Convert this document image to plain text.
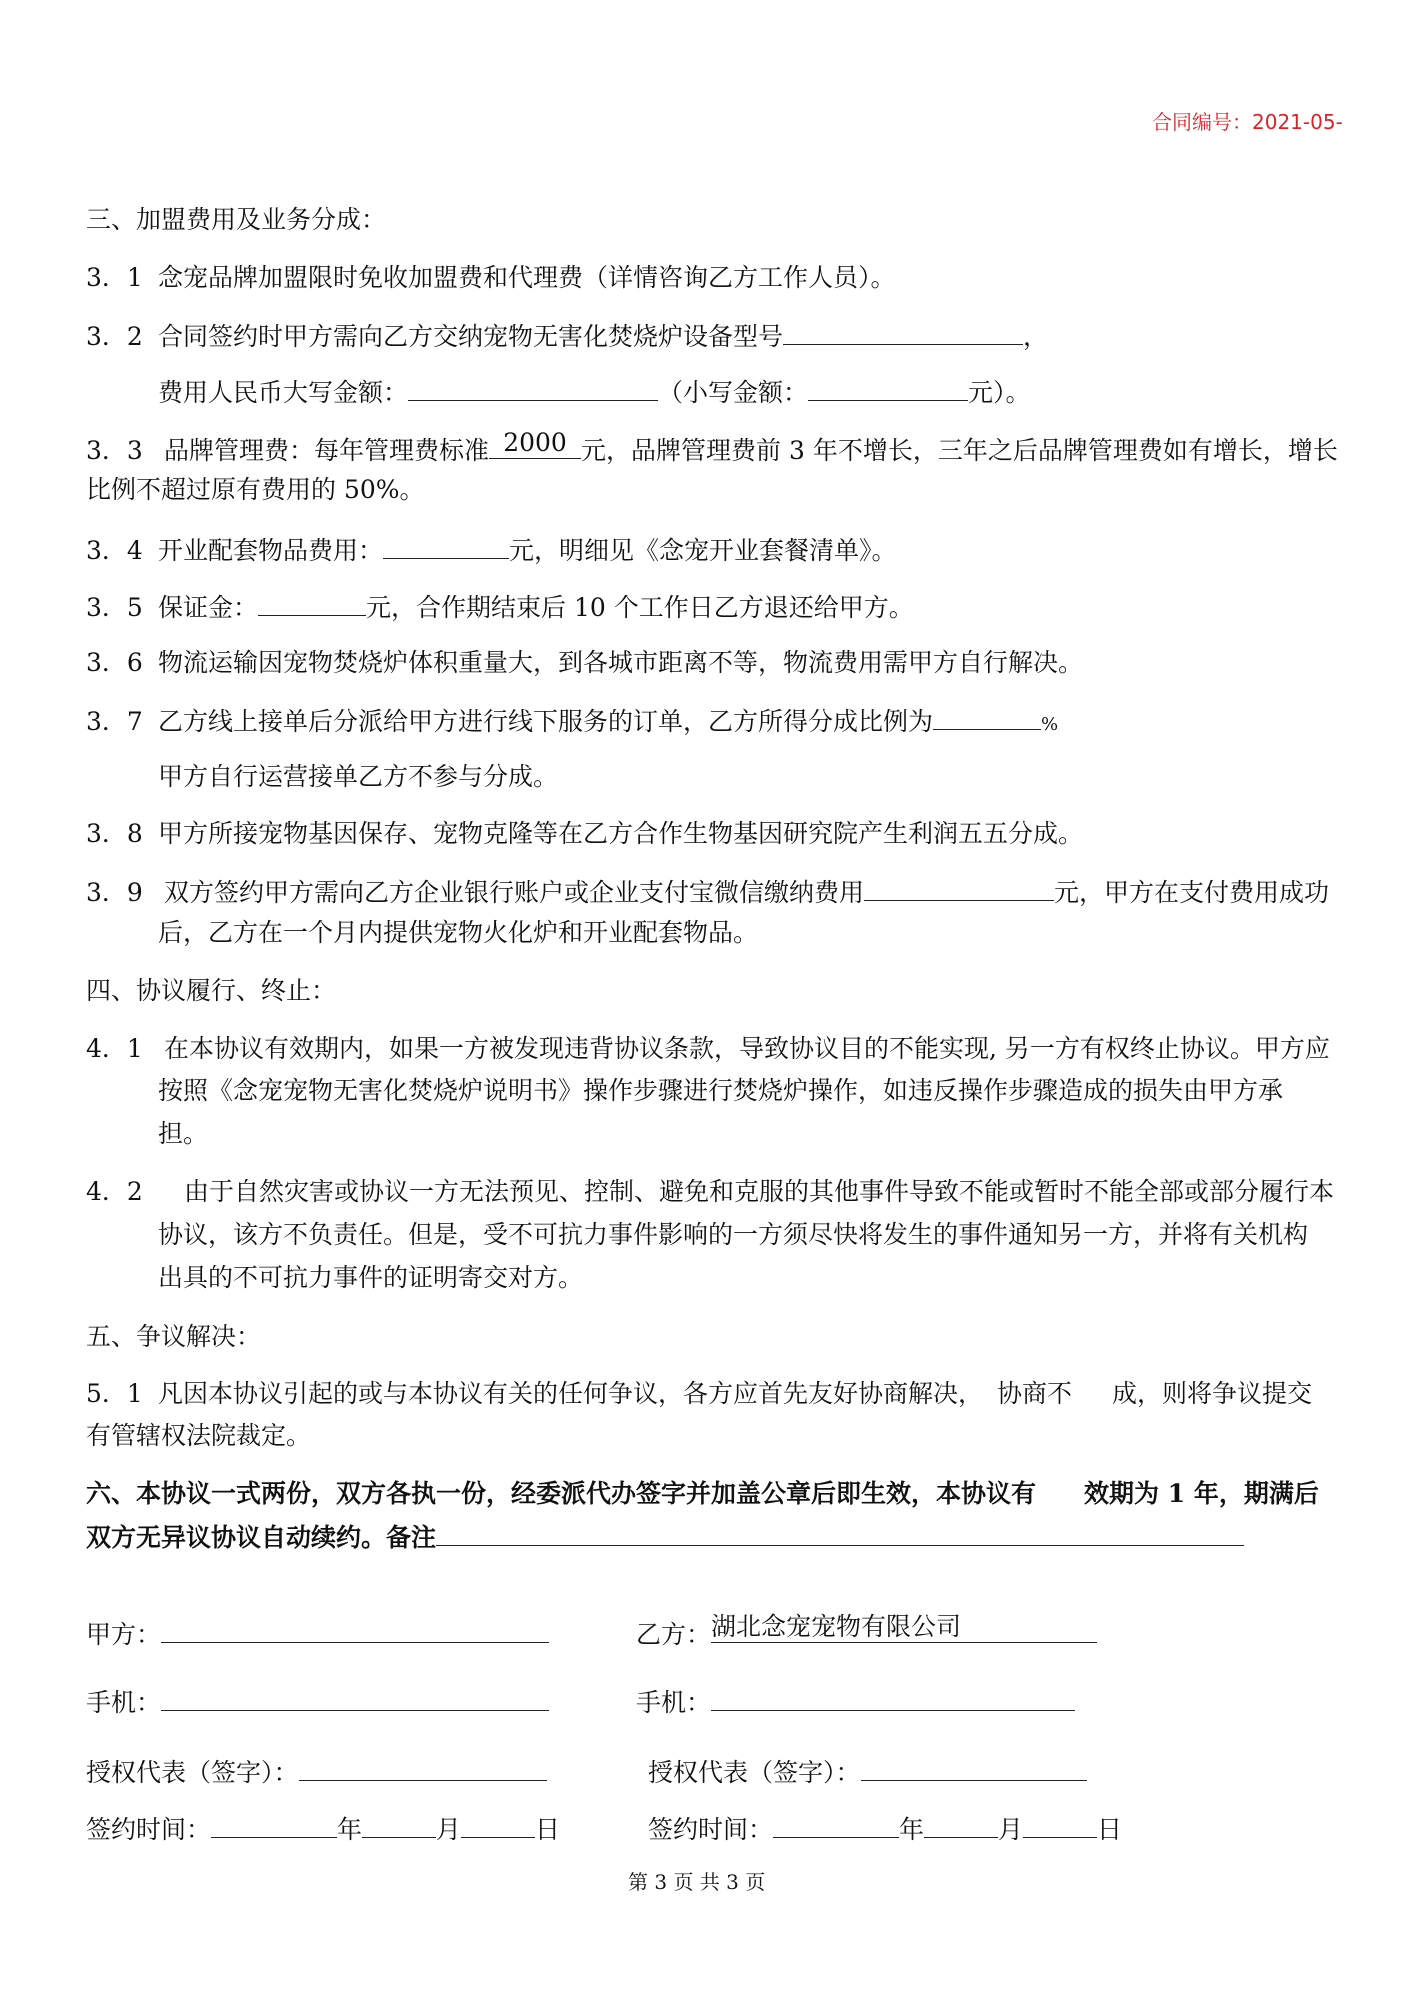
合同编号：2021-05-
三、加盟费用及业务分成：
3．1 念宠品牌加盟限时免收加盟费和代理费（详情咨询乙方工作人员）。
3．2 合同签约时甲方需向乙方交纳宠物无害化焚烧炉设备型号	，
费用人民币大写金额：	（小写金额：	元）。
3．3 品牌管理费：每年管理费标准 2000 元，品牌管理费前 3 年不增长，三年之后品牌管理费如有增长，增长
比例不超过原有费用的 50%。
3．4 开业配套物品费用：	元，明细见《念宠开业套餐清单》。
3．5 保证金：	元，合作期结束后 10 个工作日乙方退还给甲方。
3．6 物流运输因宠物焚烧炉体积重量大，到各城市距离不等，物流费用需甲方自行解决。
3．7 乙方线上接单后分派给甲方进行线下服务的订单，乙方所得分成比例为	%
甲方自行运营接单乙方不参与分成。
3．8 甲方所接宠物基因保存、宠物克隆等在乙方合作生物基因研究院产生利润五五分成。
3．9 双方签约甲方需向乙方企业银行账户或企业支付宝微信缴纳费用	元，甲方在支付费用成功
后，乙方在一个月内提供宠物火化炉和开业配套物品。
四、协议履行、终止：
4．1 在本协议有效期内，如果一方被发现违背协议条款，导致协议目的不能实现, 另一方有权终止协议。甲方应
按照《念宠宠物无害化焚烧炉说明书》操作步骤进行焚烧炉操作，如违反操作步骤造成的损失由甲方承
担。
4．2 由于自然灾害或协议一方无法预见、控制、避免和克服的其他事件导致不能或暂时不能全部或部分履行本
协议，该方不负责任。但是，受不可抗力事件影响的一方须尽快将发生的事件通知另一方，并将有关机构
出具的不可抗力事件的证明寄交对方。
五、争议解决：
5．1 凡因本协议引起的或与本协议有关的任何争议，各方应首先友好协商解决， 协商不 成，则将争议提交
有管辖权法院裁定。
六、本协议一式两份，双方各执一份，经委派代办签字并加盖公章后即生效，本协议有 效期为 1 年，期满后
双方无异议协议自动续约。备注
甲方：	乙方： 湖北念宠宠物有限公司
手机：	手机：
授权代表（签字）：	授权代表（签字）：
签约时间：	年	月	日	签约时间：	年	月	日
第 3 页 共 3 页
